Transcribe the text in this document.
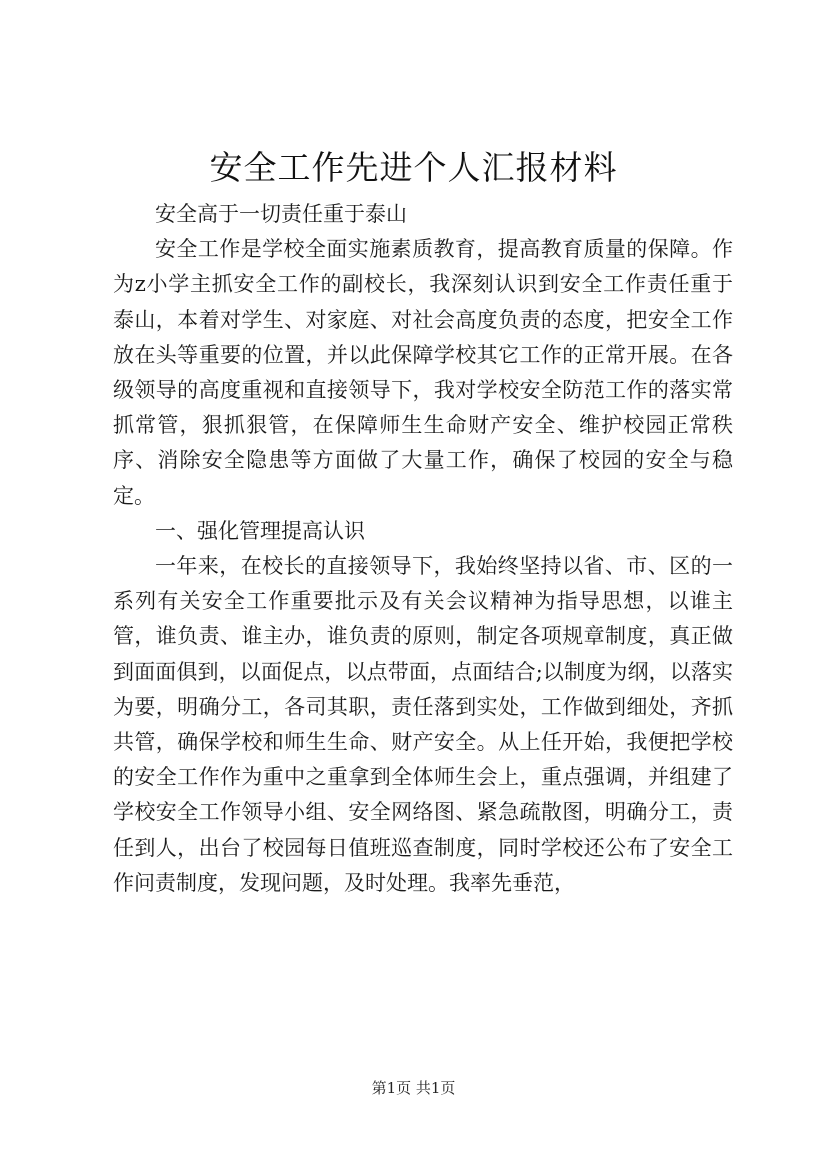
安全工作先进个人汇报材料

安全高于一切责任重于泰山

安全工作是学校全面实施素质教育，提高教育质量的保障。作为z小学主抓安全工作的副校长，我深刻认识到安全工作责任重于泰山，本着对学生、对家庭、对社会高度负责的态度，把安全工作放在头等重要的位置，并以此保障学校其它工作的正常开展。在各级领导的高度重视和直接领导下，我对学校安全防范工作的落实常抓常管，狠抓狠管，在保障师生生命财产安全、维护校园正常秩序、消除安全隐患等方面做了大量工作，确保了校园的安全与稳定。

一、强化管理提高认识

一年来，在校长的直接领导下，我始终坚持以省、市、区的一系列有关安全工作重要批示及有关会议精神为指导思想，以谁主管，谁负责、谁主办，谁负责的原则，制定各项规章制度，真正做到面面俱到，以面促点，以点带面，点面结合;以制度为纲，以落实为要，明确分工，各司其职，责任落到实处，工作做到细处，齐抓共管，确保学校和师生生命、财产安全。从上任开始，我便把学校的安全工作作为重中之重拿到全体师生会上，重点强调，并组建了学校安全工作领导小组、安全网络图、紧急疏散图，明确分工，责任到人，出台了校园每日值班巡查制度，同时学校还公布了安全工作问责制度，发现问题，及时处理。我率先垂范，

第1页 共1页
